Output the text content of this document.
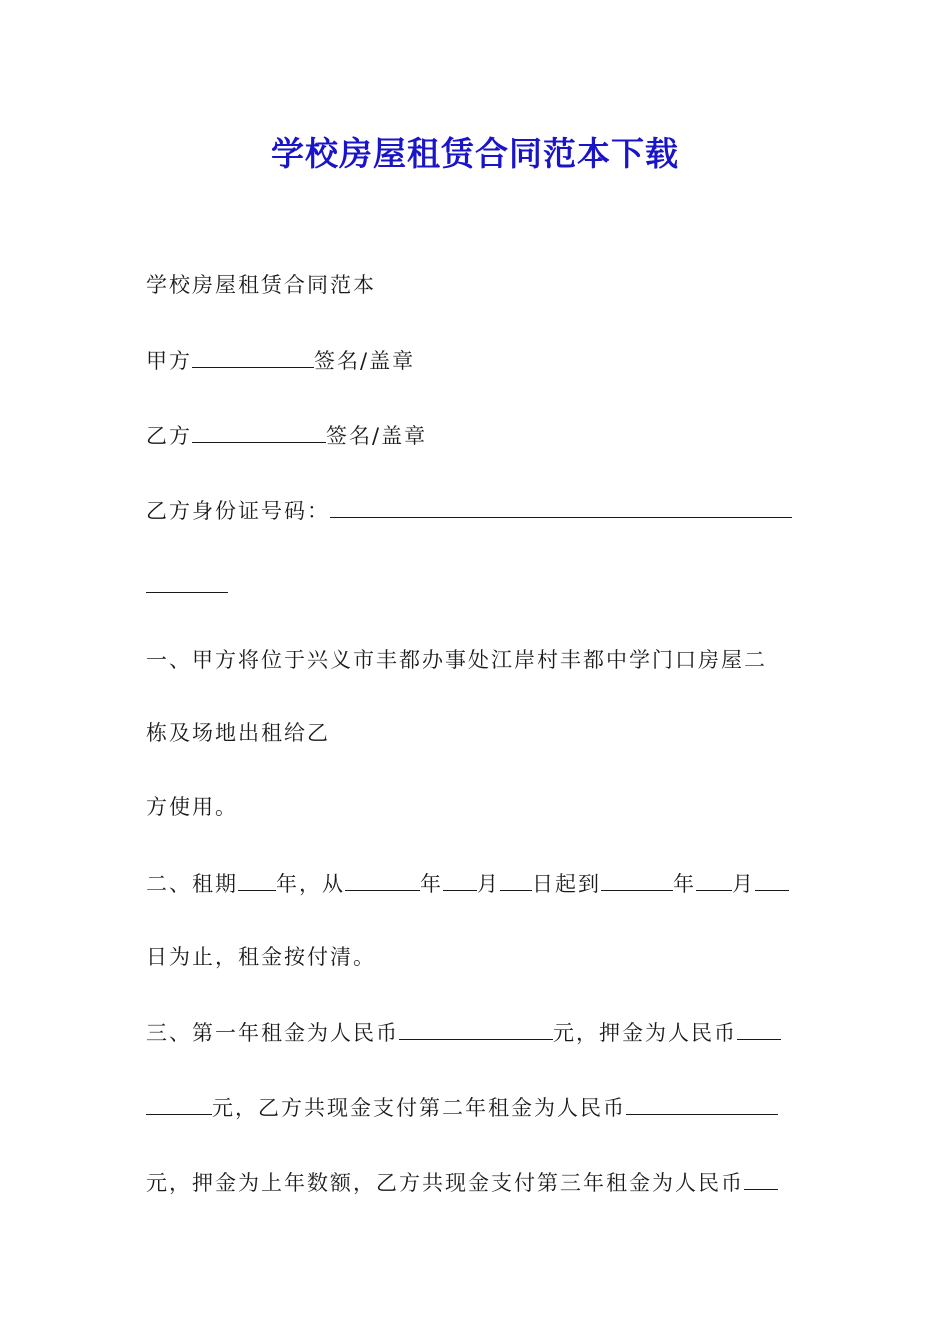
学校房屋租赁合同范本下载
学校房屋租赁合同范本
甲方	签名/盖章
乙方	签名/盖章
乙方身份证号码：
一、甲方将位于兴义市丰都办事处江岸村丰都中学门口房屋二
栋及场地出租给乙
方使用。
二、租期 年，从	年 月 日起到	年 月
日为止，租金按付清。
三、第一年租金为人民币	元，押金为人民币
元，乙方共现金支付第二年租金为人民币
元，押金为上年数额，乙方共现金支付第三年租金为人民币
